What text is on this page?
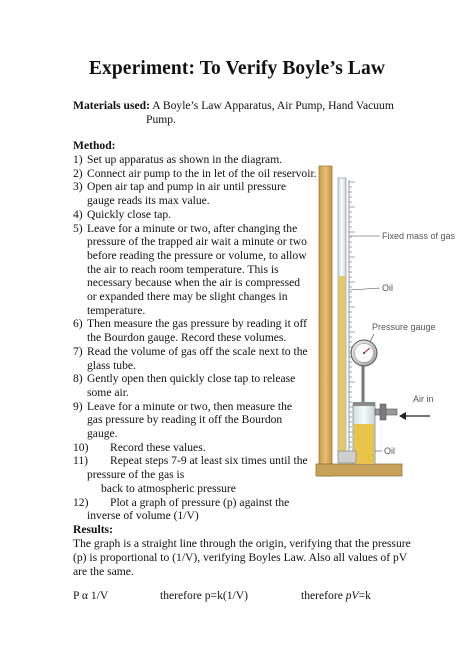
Experiment: To Verify Boyle’s Law
Materials used: A Boyle’s Law Apparatus, Air Pump, Hand Vacuum
Pump.
Method:
1) Set up apparatus as shown in the diagram.
2) Connect air pump to the in let of the oil reservoir.
3) Open air tap and pump in air until pressure
gauge reads its max value.
4) Quickly close tap.
5) Leave for a minute or two, after changing the
pressure of the trapped air wait a minute or two
before reading the pressure or volume, to allow
the air to reach room temperature. This is
necessary because when the air is compressed
or expanded there may be slight changes in
temperature.
6) Then measure the gas pressure by reading it off
the Bourdon gauge. Record these volumes.
7) Read the volume of gas off the scale next to the
glass tube.
8) Gently open then quickly close tap to release
some air.
9) Leave for a minute or two, then measure the
gas pressure by reading it off the Bourdon
gauge.
10) Record these values.
11) Repeat steps 7-9 at least six times until the
pressure of the gas is
back to atmospheric pressure
12) Plot a graph of pressure (p) against the
inverse of volume (1/V)
Fixed mass of gas
Oil
Pressure gauge
Air in
Oil
Results:
The graph is a straight line through the origin, verifying that the pressure
(p) is proportional to (1/V), verifying Boyles Law. Also all values of pV
are the same.
P α 1/V	therefore p=k(1/V)	therefore pV=k
